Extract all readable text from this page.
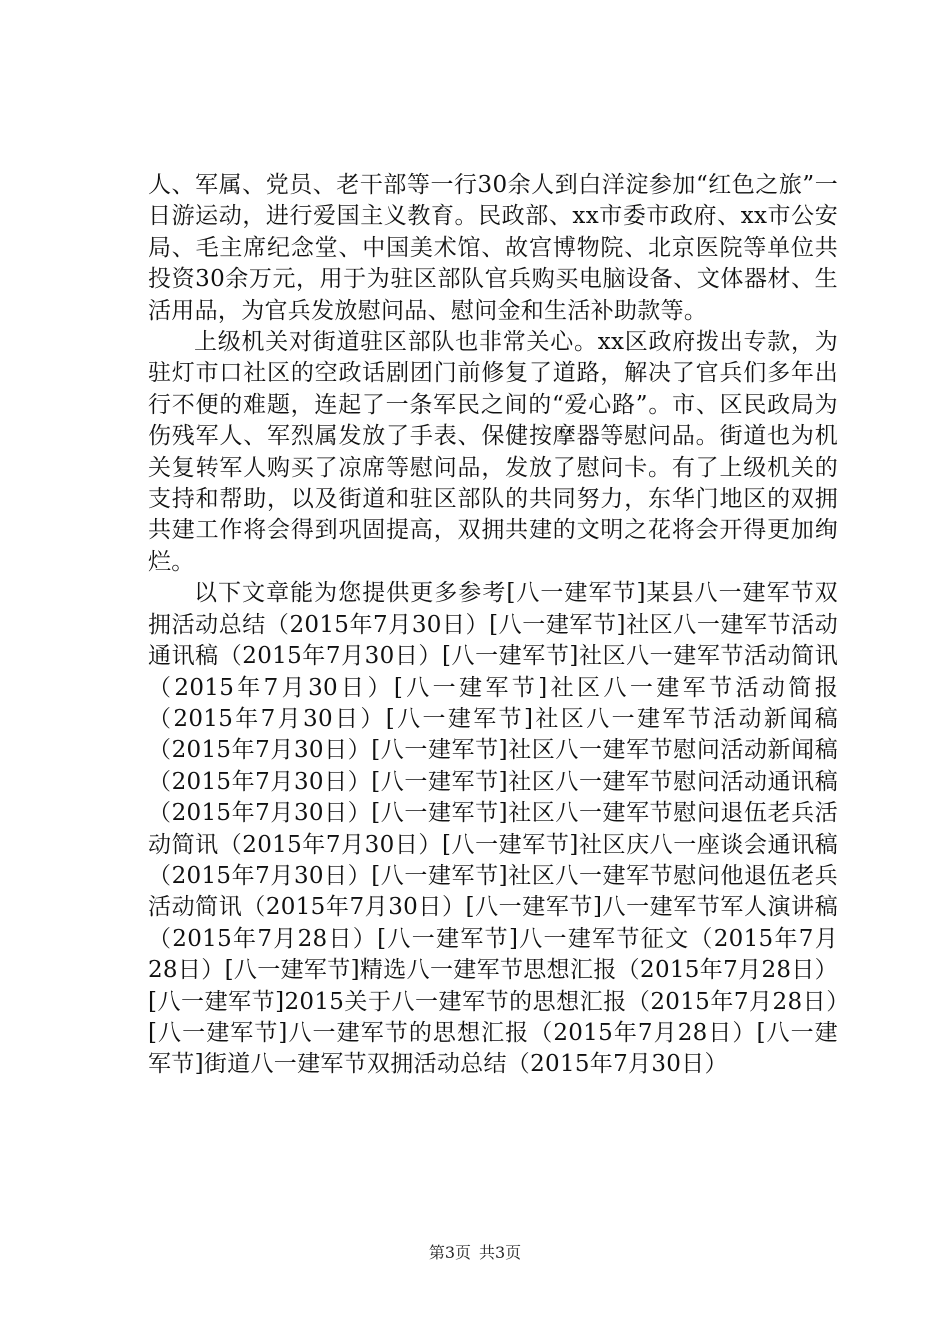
人、军属、党员、老干部等一行30余人到白洋淀参加“红色之旅”一日游运动，进行爱国主义教育。民政部、xx市委市政府、xx市公安局、毛主席纪念堂、中国美术馆、故宫博物院、北京医院等单位共投资30余万元，用于为驻区部队官兵购买电脑设备、文体器材、生活用品，为官兵发放慰问品、慰问金和生活补助款等。

上级机关对街道驻区部队也非常关心。xx区政府拨出专款，为驻灯市口社区的空政话剧团门前修复了道路，解决了官兵们多年出行不便的难题，连起了一条军民之间的“爱心路”。市、区民政局为伤残军人、军烈属发放了手表、保健按摩器等慰问品。街道也为机关复转军人购买了凉席等慰问品，发放了慰问卡。有了上级机关的支持和帮助，以及街道和驻区部队的共同努力，东华门地区的双拥共建工作将会得到巩固提高，双拥共建的文明之花将会开得更加绚烂。

以下文章能为您提供更多参考[八一建军节]某县八一建军节双拥活动总结（2015年7月30日）[八一建军节]社区八一建军节活动通讯稿（2015年7月30日）[八一建军节]社区八一建军节活动简讯（2015年7月30日）[八一建军节]社区八一建军节活动简报（2015年7月30日）[八一建军节]社区八一建军节活动新闻稿（2015年7月30日）[八一建军节]社区八一建军节慰问活动新闻稿（2015年7月30日）[八一建军节]社区八一建军节慰问活动通讯稿（2015年7月30日）[八一建军节]社区八一建军节慰问退伍老兵活动简讯（2015年7月30日）[八一建军节]社区庆八一座谈会通讯稿（2015年7月30日）[八一建军节]社区八一建军节慰问他退伍老兵活动简讯（2015年7月30日）[八一建军节]八一建军节军人演讲稿（2015年7月28日）[八一建军节]八一建军节征文（2015年7月28日）[八一建军节]精选八一建军节思想汇报（2015年7月28日）[八一建军节]2015关于八一建军节的思想汇报（2015年7月28日）[八一建军节]八一建军节的思想汇报（2015年7月28日）[八一建军节]街道八一建军节双拥活动总结（2015年7月30日）

第3页 共3页
